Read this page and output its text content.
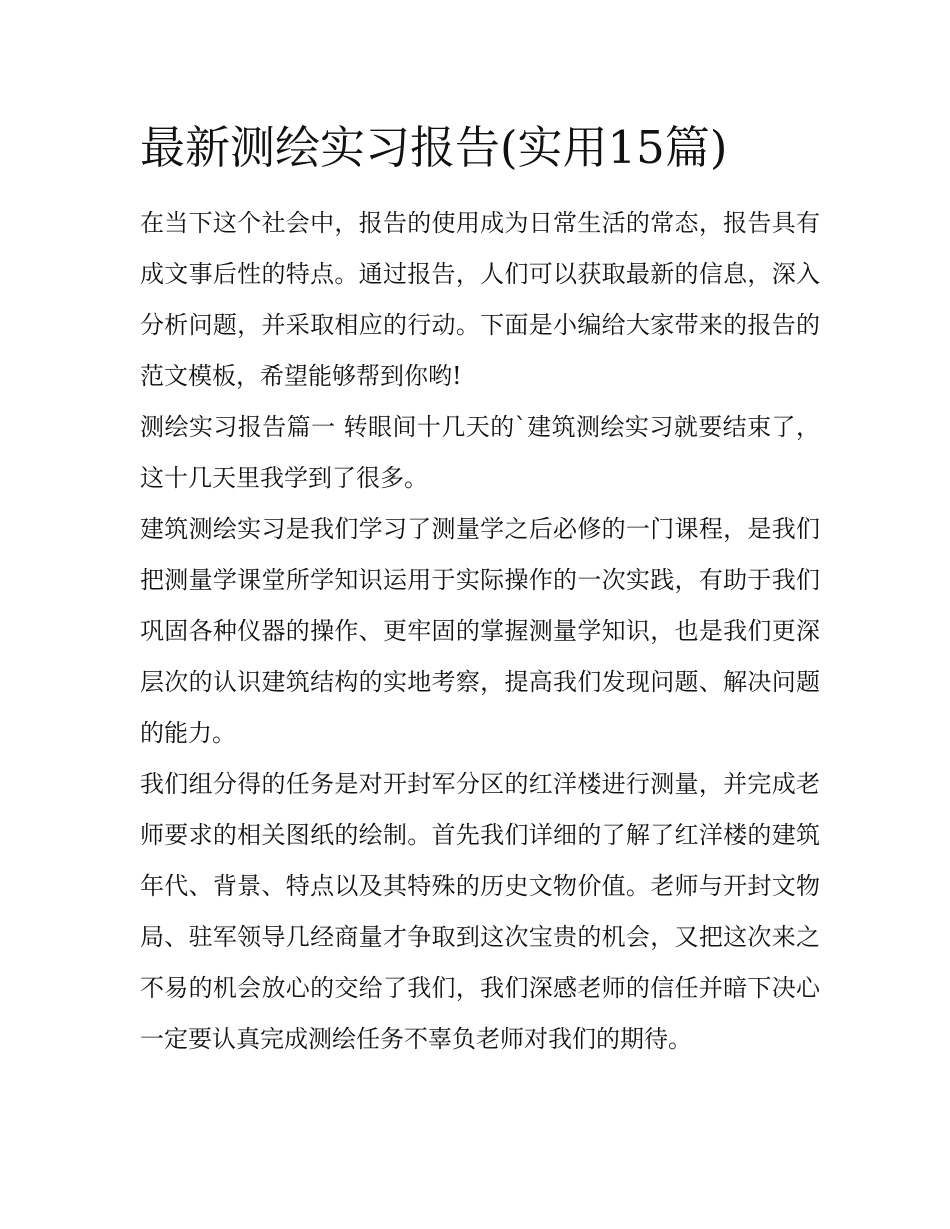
最新测绘实习报告(实用15篇)

在当下这个社会中，报告的使用成为日常生活的常态，报告具有成文事后性的特点。通过报告，人们可以获取最新的信息，深入分析问题，并采取相应的行动。下面是小编给大家带来的报告的范文模板，希望能够帮到你哟!

测绘实习报告篇一 转眼间十几天的`建筑测绘实习就要结束了，这十几天里我学到了很多。

建筑测绘实习是我们学习了测量学之后必修的一门课程，是我们把测量学课堂所学知识运用于实际操作的一次实践，有助于我们巩固各种仪器的操作、更牢固的掌握测量学知识，也是我们更深层次的认识建筑结构的实地考察，提高我们发现问题、解决问题的能力。

我们组分得的任务是对开封军分区的红洋楼进行测量，并完成老师要求的相关图纸的绘制。首先我们详细的了解了红洋楼的建筑年代、背景、特点以及其特殊的历史文物价值。老师与开封文物局、驻军领导几经商量才争取到这次宝贵的机会，又把这次来之不易的机会放心的交给了我们，我们深感老师的信任并暗下决心一定要认真完成测绘任务不辜负老师对我们的期待。
